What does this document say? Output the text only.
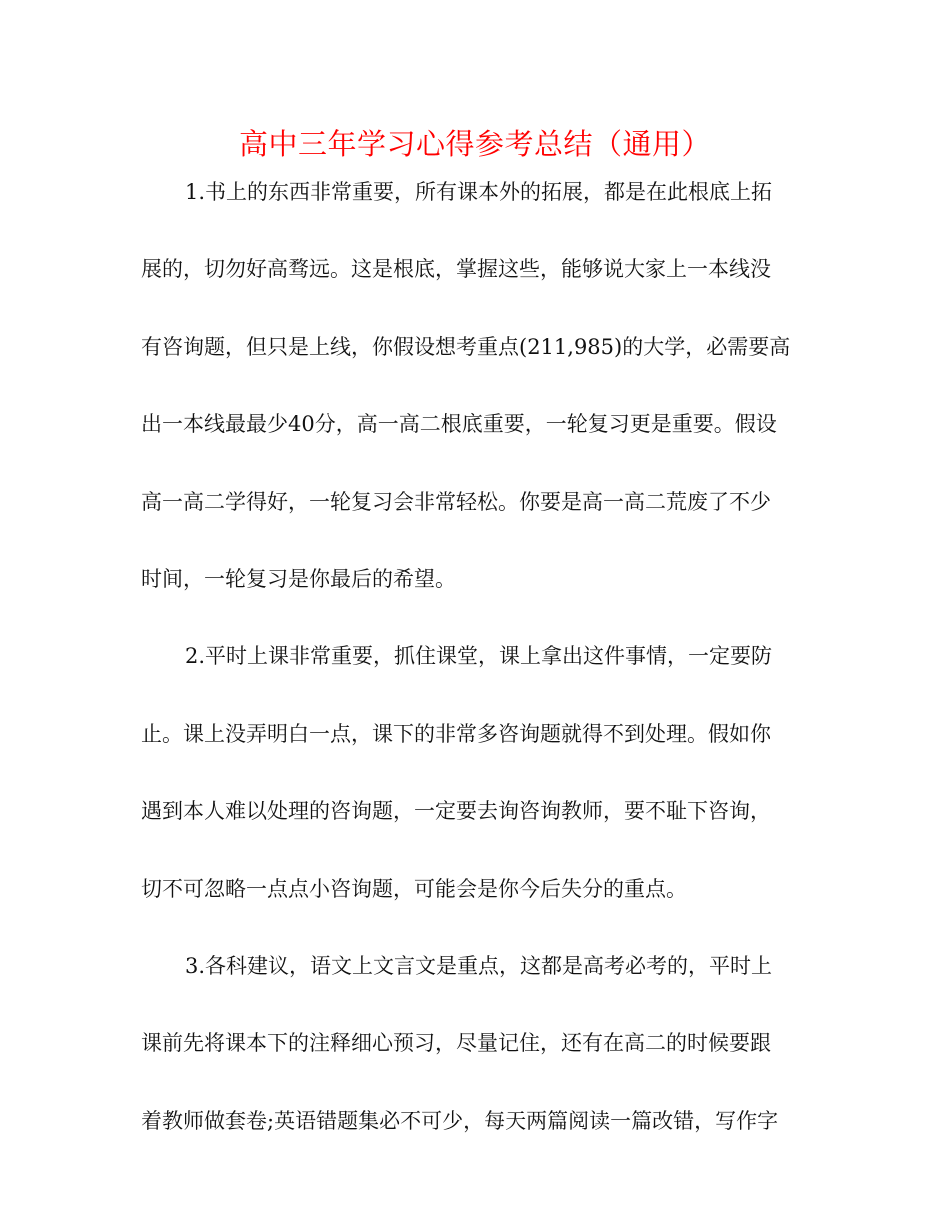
高中三年学习心得参考总结（通用）
1.书上的东西非常重要，所有课本外的拓展，都是在此根底上拓
展的，切勿好高骛远。这是根底，掌握这些，能够说大家上一本线没
有咨询题，但只是上线，你假设想考重点(211,985)的大学，必需要高
出一本线最最少40分，高一高二根底重要，一轮复习更是重要。假设
高一高二学得好，一轮复习会非常轻松。你要是高一高二荒废了不少
时间，一轮复习是你最后的希望。
2.平时上课非常重要，抓住课堂，课上拿出这件事情，一定要防
止。课上没弄明白一点，课下的非常多咨询题就得不到处理。假如你
遇到本人难以处理的咨询题，一定要去询咨询教师，要不耻下咨询，
切不可忽略一点点小咨询题，可能会是你今后失分的重点。
3.各科建议，语文上文言文是重点，这都是高考必考的，平时上
课前先将课本下的注释细心预习，尽量记住，还有在高二的时候要跟
着教师做套卷;英语错题集必不可少，每天两篇阅读一篇改错，写作字
